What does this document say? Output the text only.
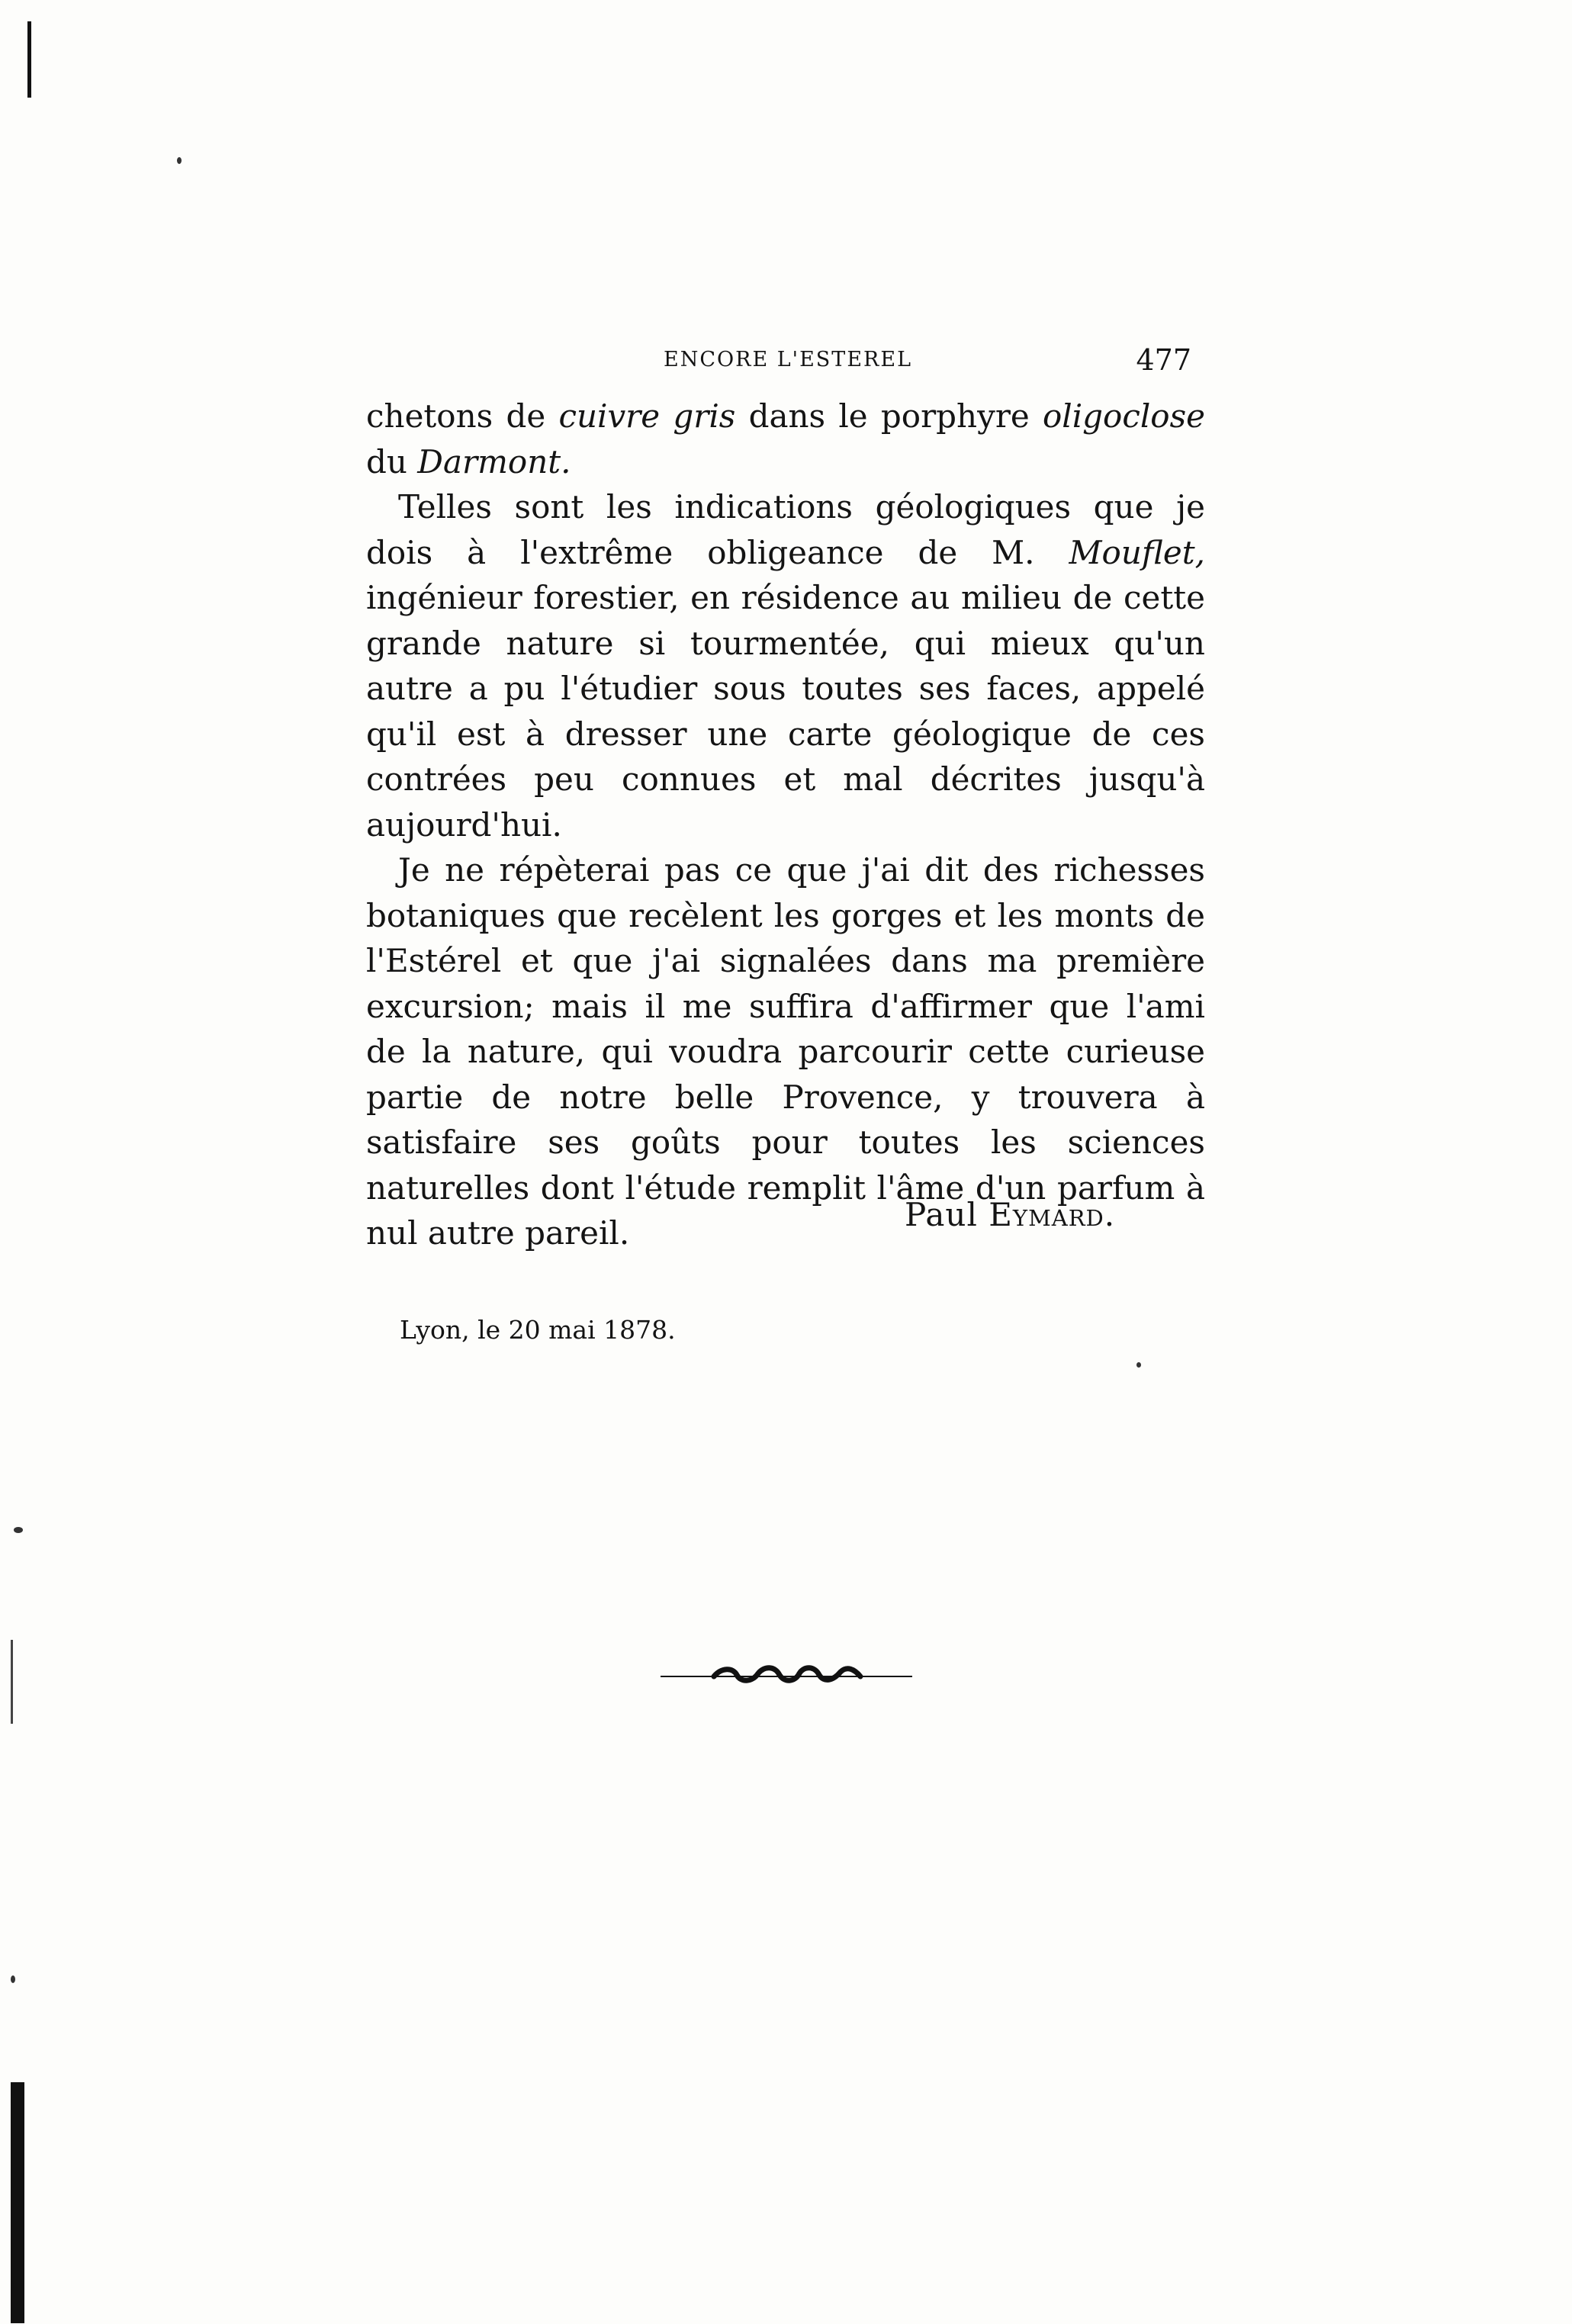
ENCORE L'ESTEREL	477

chetons de cuivre gris dans le porphyre oligoclose du Darmont.

Telles sont les indications géologiques que je dois à l'extrême obligeance de M. Mouflet, ingénieur forestier, en résidence au milieu de cette grande nature si tourmentée, qui mieux qu'un autre a pu l'étudier sous toutes ses faces, appelé qu'il est à dresser une carte géologique de ces contrées peu connues et mal décrites jusqu'à aujourd'hui.

Je ne répèterai pas ce que j'ai dit des richesses botaniques que recèlent les gorges et les monts de l'Estérel et que j'ai signalées dans ma première excursion; mais il me suffira d'affirmer que l'ami de la nature, qui voudra parcourir cette curieuse partie de notre belle Provence, y trouvera à satisfaire ses goûts pour toutes les sciences naturelles dont l'étude remplit l'âme d'un parfum à nul autre pareil.	Paul Eymard.
Lyon, le 20 mai 1878.
